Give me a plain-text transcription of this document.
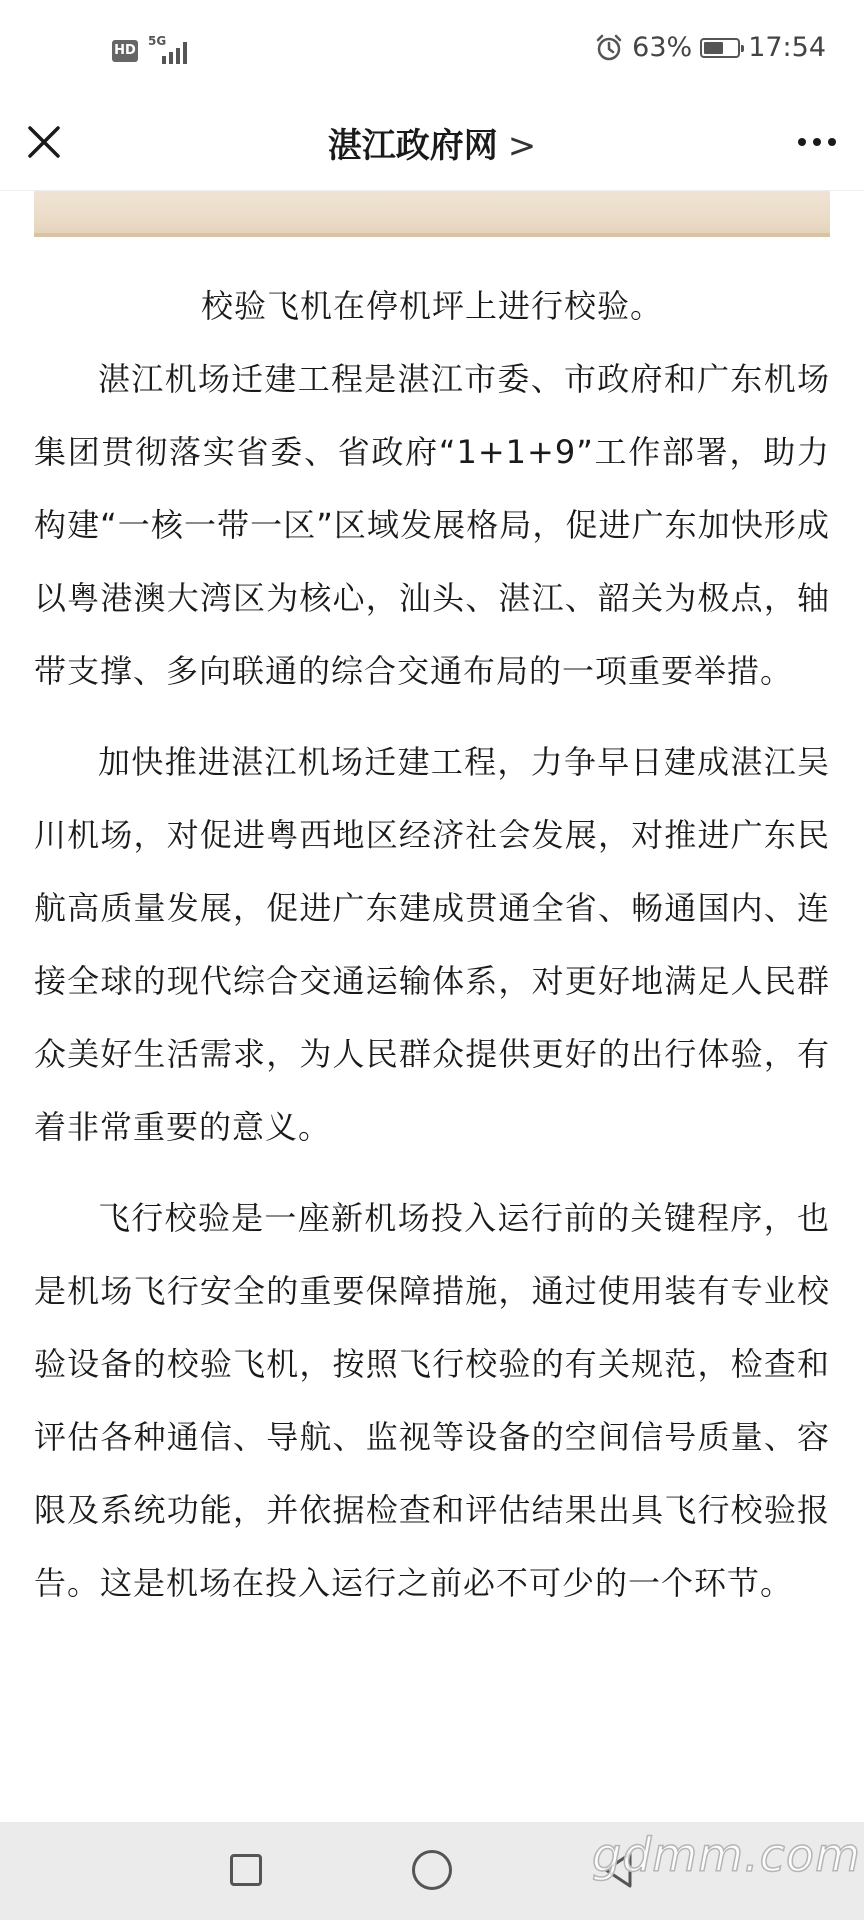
HD
5G	63% 17:54
湛江政府网 >

校验飞机在停机坪上进行校验。

湛江机场迁建工程是湛江市委、市政府和广东机场集团贯彻落实省委、省政府“1+1+9”工作部署，助力构建“一核一带一区”区域发展格局，促进广东加快形成以粤港澳大湾区为核心，汕头、湛江、韶关为极点，轴带支撑、多向联通的综合交通布局的一项重要举措。

加快推进湛江机场迁建工程，力争早日建成湛江吴川机场，对促进粤西地区经济社会发展，对推进广东民航高质量发展，促进广东建成贯通全省、畅通国内、连接全球的现代综合交通运输体系，对更好地满足人民群众美好生活需求，为人民群众提供更好的出行体验，有着非常重要的意义。

飞行校验是一座新机场投入运行前的关键程序，也是机场飞行安全的重要保障措施，通过使用装有专业校验设备的校验飞机，按照飞行校验的有关规范，检查和评估各种通信、导航、监视等设备的空间信号质量、容限及系统功能，并依据检查和评估结果出具飞行校验报告。这是机场在投入运行之前必不可少的一个环节。

gdmm.com
